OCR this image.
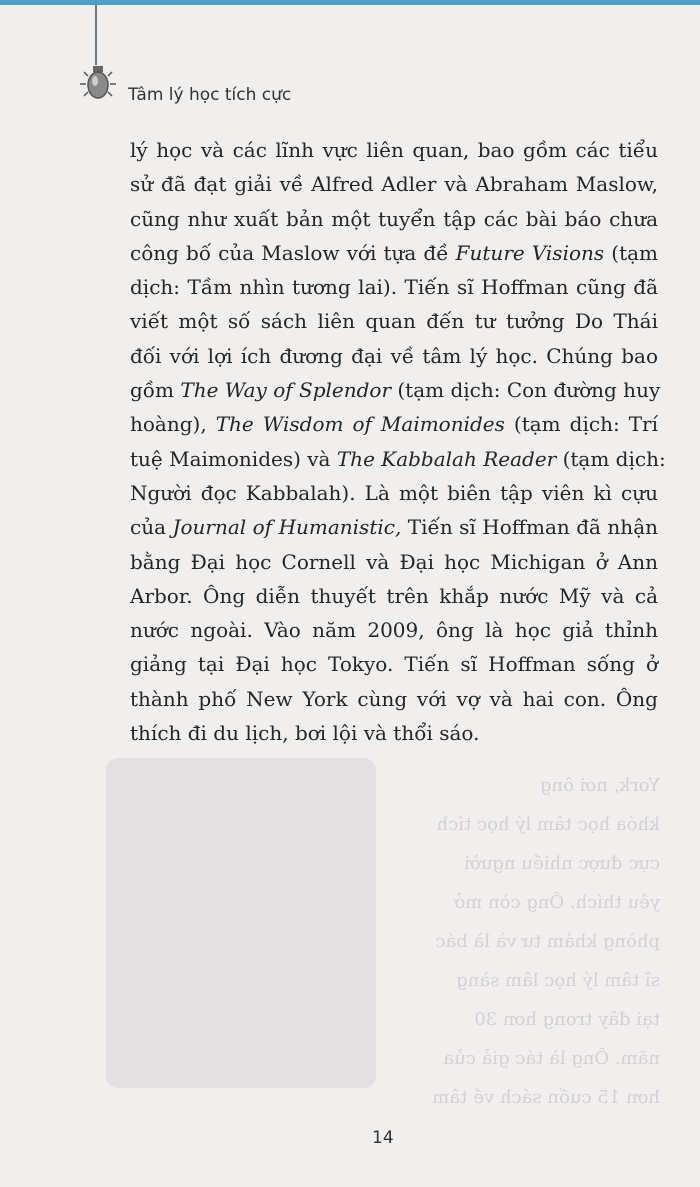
Tâm lý học tích cực
York, nơi ông
khóa học tâm lý học tích
cực được nhiều người
yêu thích. Ông còn mở
phòng khám tư và là bác
sĩ tâm lý học lâm sàng
tại đây trong hơn 30
năm. Ông là tác giả của
hơn 15 cuốn sách về tâm
lý học và các lĩnh vực liên quan, bao gồm các tiểu
sử đã đạt giải về Alfred Adler và Abraham Maslow,
cũng như xuất bản một tuyển tập các bài báo chưa
công bố của Maslow với tựa đề Future Visions (tạm
dịch: Tầm nhìn tương lai). Tiến sĩ Hoffman cũng đã
viết một số sách liên quan đến tư tưởng Do Thái
đối với lợi ích đương đại về tâm lý học. Chúng bao
gồm The Way of Splendor (tạm dịch: Con đường huy
hoàng), The Wisdom of Maimonides (tạm dịch: Trí
tuệ Maimonides) và The Kabbalah Reader (tạm dịch:
Người đọc Kabbalah). Là một biên tập viên kì cựu
của Journal of Humanistic, Tiến sĩ Hoffman đã nhận
bằng Đại học Cornell và Đại học Michigan ở Ann
Arbor. Ông diễn thuyết trên khắp nước Mỹ và cả
nước ngoài. Vào năm 2009, ông là học giả thỉnh
giảng tại Đại học Tokyo. Tiến sĩ Hoffman sống ở
thành phố New York cùng với vợ và hai con. Ông
thích đi du lịch, bơi lội và thổi sáo.
14
